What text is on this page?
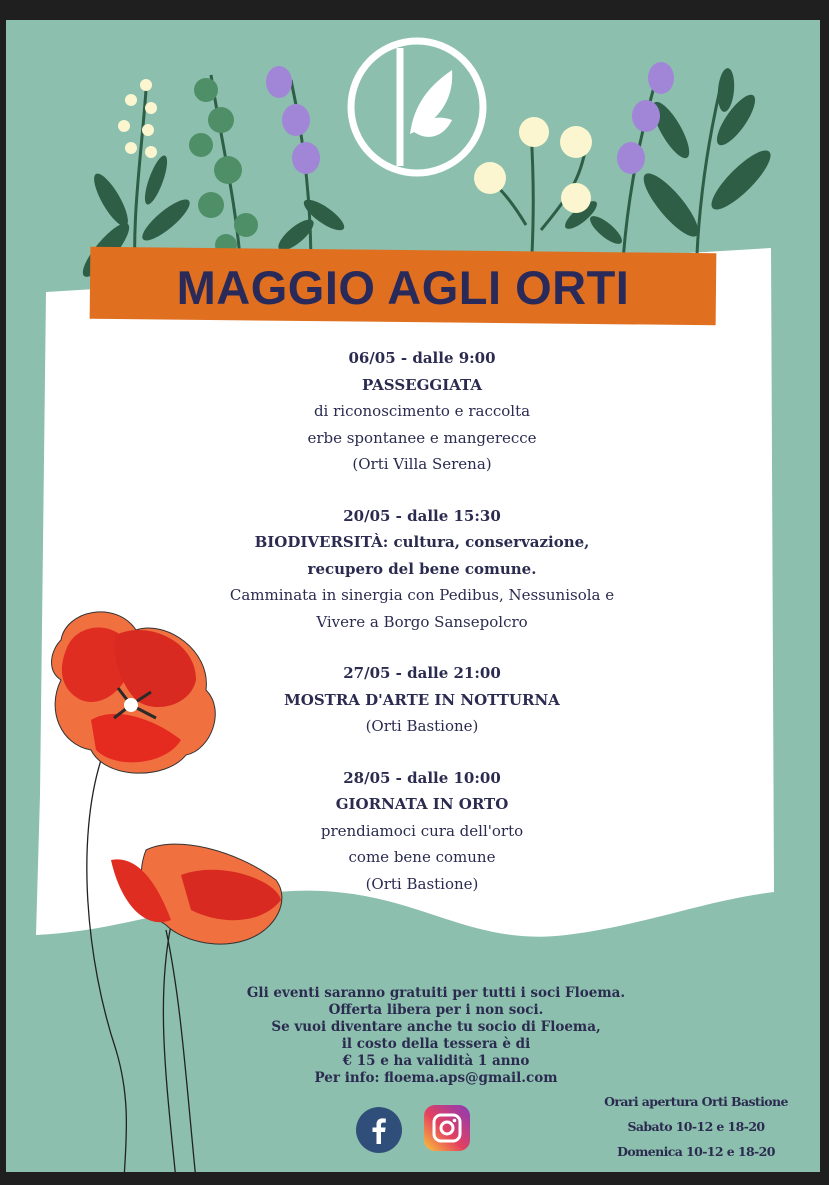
MAGGIO AGLI ORTI

06/05 - dalle 9:00

PASSEGGIATA

di riconoscimento e raccolta

erbe spontanee e mangerecce

(Orti Villa Serena)

20/05 - dalle 15:30

BIODIVERSITÀ: cultura, conservazione,

recupero del bene comune.

Camminata in sinergia con Pedibus, Nessunisola e

Vivere a Borgo Sansepolcro

27/05 - dalle 21:00

MOSTRA D'ARTE IN NOTTURNA

(Orti Bastione)

28/05 - dalle 10:00

GIORNATA IN ORTO

prendiamoci cura dell'orto

come bene comune

(Orti Bastione)

Gli eventi saranno gratuiti per tutti i soci Floema.

Offerta libera per i non soci.

Se vuoi diventare anche tu socio di Floema,

il costo della tessera è di

€ 15 e ha validità 1 anno

Per info: floema.aps@gmail.com

Orari apertura Orti Bastione

Sabato 10-12 e 18-20

Domenica 10-12 e 18-20
